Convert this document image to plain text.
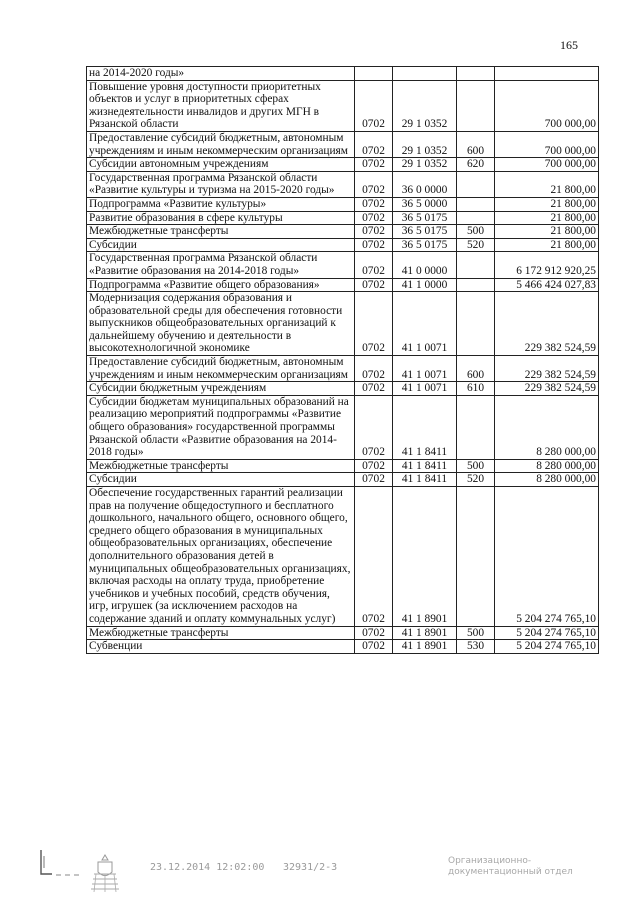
165
на 2014-2020 годы»				
Повышение уровня доступности приоритетных объектов и услуг в приоритетных сферах жизнедеятельности инвалидов и других МГН в Рязанской области	0702	29 1 0352		700 000,00
Предоставление субсидий бюджетным, автономным учреждениям и иным некоммерческим организациям	0702	29 1 0352	600	700 000,00
Субсидии автономным учреждениям	0702	29 1 0352	620	700 000,00
Государственная программа Рязанской области «Развитие культуры и туризма на 2015-2020 годы»	0702	36 0 0000		21 800,00
Подпрограмма «Развитие культуры»	0702	36 5 0000		21 800,00
Развитие образования в сфере культуры	0702	36 5 0175		21 800,00
Межбюджетные трансферты	0702	36 5 0175	500	21 800,00
Субсидии	0702	36 5 0175	520	21 800,00
Государственная программа Рязанской области «Развитие образования на 2014-2018 годы»	0702	41 0 0000		6 172 912 920,25
Подпрограмма «Развитие общего образования»	0702	41 1 0000		5 466 424 027,83
Модернизация содержания образования и образовательной среды для обеспечения готовности выпускников общеобразовательных организаций к дальнейшему обучению и деятельности в высокотехнологичной экономике	0702	41 1 0071		229 382 524,59
Предоставление субсидий бюджетным, автономным учреждениям и иным некоммерческим организациям	0702	41 1 0071	600	229 382 524,59
Субсидии бюджетным учреждениям	0702	41 1 0071	610	229 382 524,59
Субсидии бюджетам муниципальных образований на реализацию мероприятий подпрограммы «Развитие общего образования» государственной программы Рязанской области «Развитие образования на 2014-2018 годы»	0702	41 1 8411		8 280 000,00
Межбюджетные трансферты	0702	41 1 8411	500	8 280 000,00
Субсидии	0702	41 1 8411	520	8 280 000,00
Обеспечение государственных гарантий реализации прав на получение общедоступного и бесплатного дошкольного, начального общего, основного общего, среднего общего образования в муниципальных общеобразовательных организациях, обеспечение дополнительного образования детей в муниципальных общеобразовательных организациях, включая расходы на оплату труда, приобретение учебников и учебных пособий, средств обучения, игр, игрушек (за исключением расходов на содержание зданий и оплату коммунальных услуг)	0702	41 1 8901		5 204 274 765,10
Межбюджетные трансферты	0702	41 1 8901	500	5 204 274 765,10
Субвенции	0702	41 1 8901	530	5 204 274 765,10
23.12.2014 12:02:00 32931/2-3
Организационно-
документационный отдел
